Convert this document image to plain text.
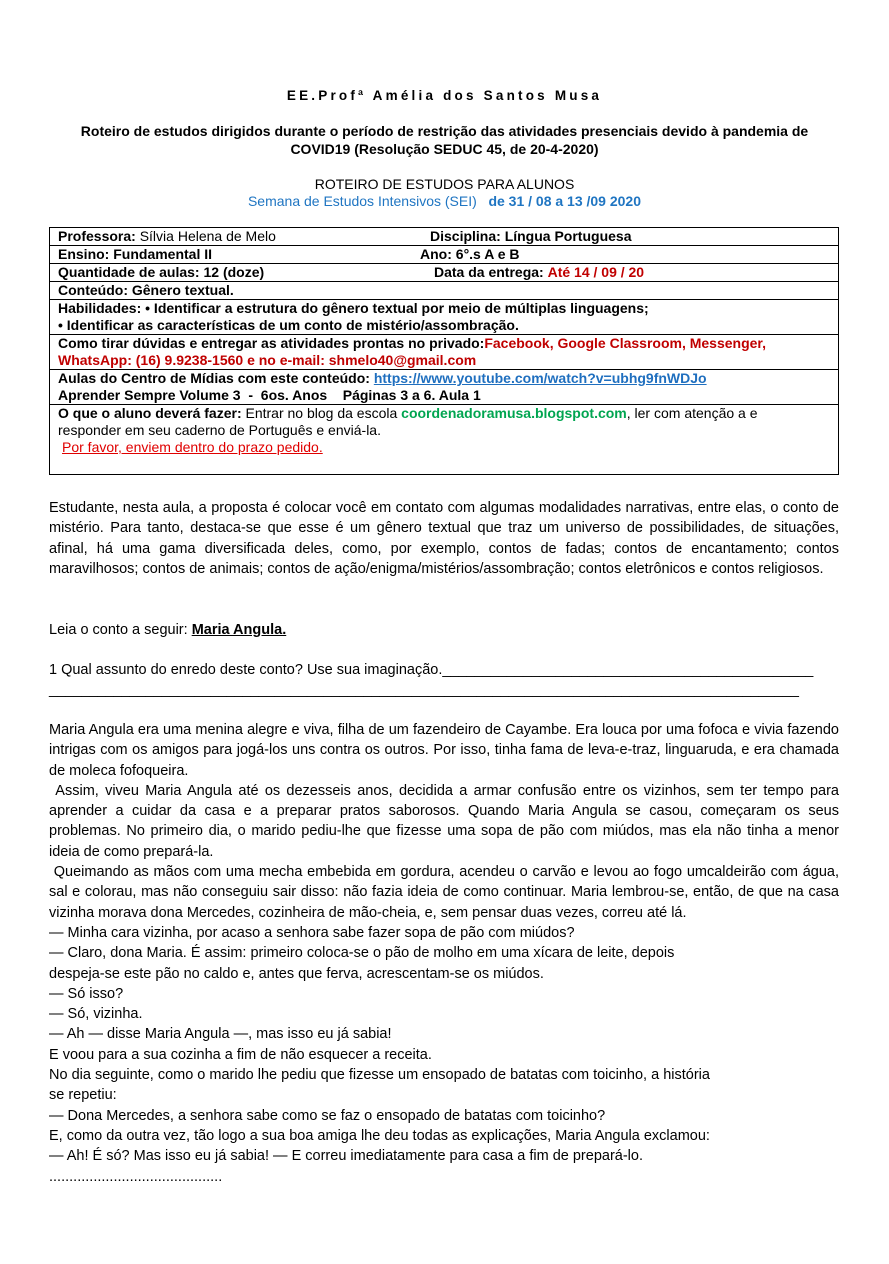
EE.Profª Amélia dos Santos Musa
Roteiro de estudos dirigidos durante o período de restrição das atividades presenciais devido à pandemia de COVID19 (Resolução SEDUC 45, de 20-4-2020)
ROTEIRO DE ESTUDOS PARA ALUNOS
Semana de Estudos Intensivos (SEI) de 31 / 08 a 13 /09 2020
Professora: Sílvia Helena de Melo	Disciplina: Língua Portuguesa

Ensino: Fundamental II	Ano: 6°.s A e B

Quantidade de aulas: 12 (doze)	Data da entrega: Até 14 / 09 / 20

Conteúdo: Gênero textual.

Habilidades: • Identificar a estrutura do gênero textual por meio de múltiplas linguagens;
• Identificar as características de um conto de mistério/assombração.

Como tirar dúvidas e entregar as atividades prontas no privado:Facebook, Google Classroom, Messenger,
WhatsApp: (16) 9.9238-1560 e no e-mail: shmelo40@gmail.com

Aulas do Centro de Mídias com este conteúdo: https://www.youtube.com/watch?v=ubhg9fnWDJo
Aprender Sempre Volume 3  -  6os. Anos    Páginas 3 a 6. Aula 1

O que o aluno deverá fazer: Entrar no blog da escola coordenadoramusa.blogspot.com, ler com atenção a e
responder em seu caderno de Português e enviá-la.
Por favor, enviem dentro do prazo pedido.
Estudante, nesta aula, a proposta é colocar você em contato com algumas modalidades narrativas, entre elas, o conto de mistério. Para tanto, destaca-se que esse é um gênero textual que traz um universo de possibilidades, de situações, afinal, há uma gama diversificada deles, como, por exemplo, contos de fadas; contos de encantamento; contos maravilhosos; contos de animais; contos de ação/enigma/mistérios/assombração; contos eletrônicos e contos religiosos.
Leia o conto a seguir: Maria Angula.
1 Qual assunto do enredo deste conto? Use sua imaginação.______________________________________________
_____________________________________________________________________________________________
Maria Angula era uma menina alegre e viva, filha de um fazendeiro de Cayambe. Era louca por uma fofoca e vivia fazendo intrigas com os amigos para jogá-los uns contra os outros. Por isso, tinha fama de leva-e-traz, linguaruda, e era chamada de moleca fofoqueira.
Assim, viveu Maria Angula até os dezesseis anos, decidida a armar confusão entre os vizinhos, sem ter tempo para aprender a cuidar da casa e a preparar pratos saborosos. Quando Maria Angula se casou, começaram os seus problemas. No primeiro dia, o marido pediu-lhe que fizesse uma sopa de pão com miúdos, mas ela não tinha a menor ideia de como prepará-la.
Queimando as mãos com uma mecha embebida em gordura, acendeu o carvão e levou ao fogo umcaldeirão com água, sal e colorau, mas não conseguiu sair disso: não fazia ideia de como continuar. Maria lembrou-se, então, de que na casa vizinha morava dona Mercedes, cozinheira de mão-cheia, e, sem pensar duas vezes, correu até lá.
— Minha cara vizinha, por acaso a senhora sabe fazer sopa de pão com miúdos?
— Claro, dona Maria. É assim: primeiro coloca-se o pão de molho em uma xícara de leite, depois
despeja-se este pão no caldo e, antes que ferva, acrescentam-se os miúdos.
— Só isso?
— Só, vizinha.
— Ah — disse Maria Angula —, mas isso eu já sabia!
E voou para a sua cozinha a fim de não esquecer a receita.
No dia seguinte, como o marido lhe pediu que fizesse um ensopado de batatas com toicinho, a história
se repetiu:
— Dona Mercedes, a senhora sabe como se faz o ensopado de batatas com toicinho?
E, como da outra vez, tão logo a sua boa amiga lhe deu todas as explicações, Maria Angula exclamou:
— Ah! É só? Mas isso eu já sabia! — E correu imediatamente para casa a fim de prepará-lo.
...........................................
